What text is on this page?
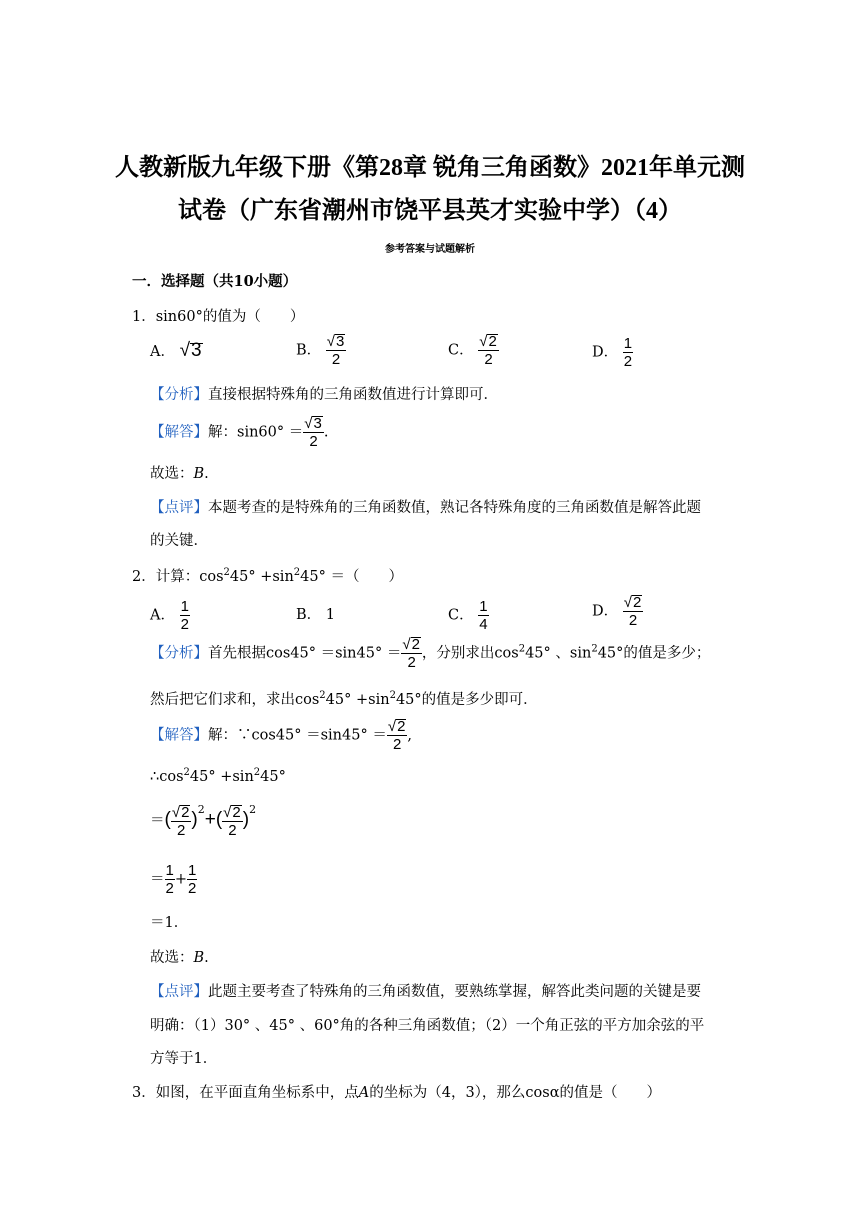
人教新版九年级下册《第28章 锐角三角函数》2021年单元测
试卷（广东省潮州市饶平县英才实验中学）（4）
参考答案与试题解析
一．选择题（共10小题）
1．sin60°的值为（　　）
A． √3	B． $\frac{√3}{2}$	C． $\frac{√2}{2}$	D． $\frac{1}{2}$
【分析】直接根据特殊角的三角函数值进行计算即可．
【解答】解：$\sin 60^\circ = \frac{√3}{2}$ .
故选：B.
【点评】本题考查的是特殊角的三角函数值，熟记各特殊角度的三角函数值是解答此题
的关键．
2．计算：$\cos^245^\circ +\sin^245^\circ$ ＝（　　）
A． $\frac{1}{2}$	B． 1	C． $\frac{1}{4}$	D． $\frac{√2}{2}$
【分析】首先根据$\cos 45^\circ =\sin 45^\circ = \frac{√2}{2}$ ，分别求出$\cos^245^\circ$ 、$\sin^245^\circ$的值是多少；
然后把它们求和，求出$\cos^245^\circ +\sin^245^\circ$的值是多少即可．
【解答】解：∵cos45° $=\sin 45^\circ = \frac{√2}{2}$ ,
$\therefore\cos^245^\circ +\sin^245^\circ$
＝( $\frac{√2}{2} )^2+( \frac{√2}{2} )^2$
＝ $\frac{1}{2} + \frac{1}{2}$
＝1．
故选：B.
【点评】此题主要考查了特殊角的三角函数值，要熟练掌握，解答此类问题的关键是要
明确：（1）30° 、45° 、60°角的各种三角函数值；（2）一个角正弦的平方加余弦的平
方等于1．
3．如图，在平面直角坐标系中，点A的坐标为（4，3），那么cosα的值是（　　）
